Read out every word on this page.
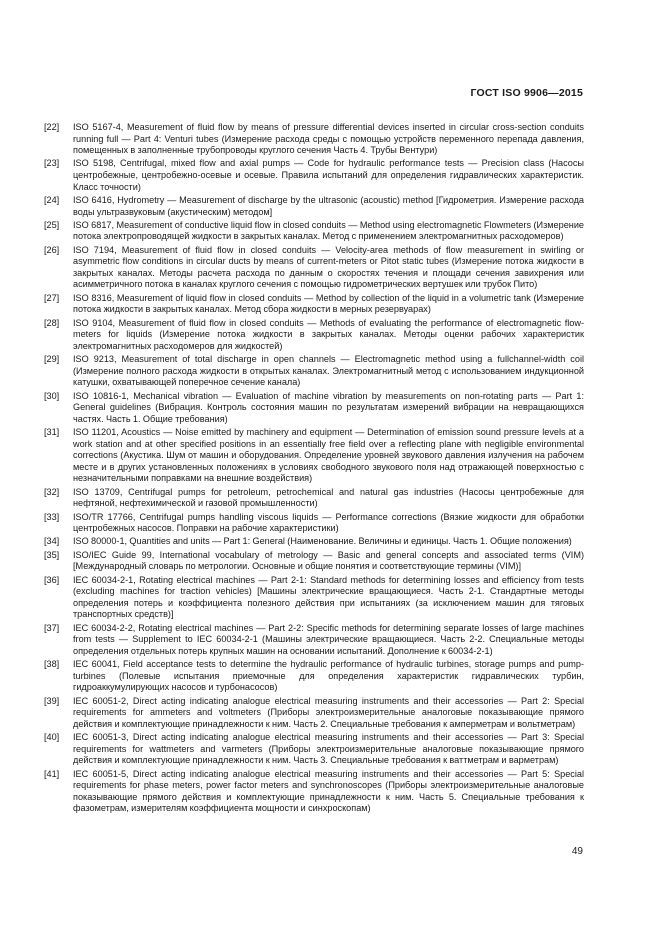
ГОСТ ISO 9906—2015
[22] ISO 5167-4, Measurement of fluid flow by means of pressure differential devices inserted in circular cross-section conduits running full — Part 4: Venturi tubes (Измерение расхода среды с помощью устройств переменного перепада давления, помещенных в заполненные трубопроводы круглого сечения Часть 4. Трубы Вентури)
[23] ISO 5198, Centrifugal, mixed flow and axial pumps — Code for hydraulic performance tests — Precision class (Насосы центробежные, центробежно-осевые и осевые. Правила испытаний для определения гидравлических характеристик. Класс точности)
[24] ISO 6416, Hydrometry — Measurement of discharge by the ultrasonic (acoustic) method [Гидрометрия. Измерение расхода воды ультразвуковым (акустическим) методом]
[25] ISO 6817, Measurement of conductive liquid flow in closed conduits — Method using electromagnetic Flowmeters (Измерение потока электропроводящей жидкости в закрытых каналах. Метод с применением электромагнитных расходомеров)
[26] ISO 7194, Measurement of fluid flow in closed conduits — Velocity-area methods of flow measurement in swirling or asymmetric flow conditions in circular ducts by means of current-meters or Pitot static tubes (Измерение потока жидкости в закрытых каналах. Методы расчета расхода по данным о скоростях течения и площади сечения завихрения или асимметричного потока в каналах круглого сечения с помощью гидрометрических вертушек или трубок Пито)
[27] ISO 8316, Measurement of liquid flow in closed conduits — Method by collection of the liquid in a volumetric tank (Измерение потока жидкости в закрытых каналах. Метод сбора жидкости в мерных резервуарах)
[28] ISO 9104, Measurement of fluid flow in closed conduits — Methods of evaluating the performance of electromagnetic flow-meters for liquids (Измерение потока жидкости в закрытых каналах. Методы оценки рабочих характеристик электромагнитных расходомеров для жидкостей)
[29] ISO 9213, Measurement of total discharge in open channels — Electromagnetic method using a fullchannel-width coil (Измерение полного расхода жидкости в открытых каналах. Электромагнитный метод с использованием индукционной катушки, охватывающей поперечное сечение канала)
[30] ISO 10816-1, Mechanical vibration — Evaluation of machine vibration by measurements on non-rotating parts — Part 1: General guidelines (Вибрация. Контроль состояния машин по результатам измерений вибрации на невращающихся частях. Часть 1. Общие требования)
[31] ISO 11201, Acoustics — Noise emitted by machinery and equipment — Determination of emission sound pressure levels at a work station and at other specified positions in an essentially free field over a reflecting plane with negligible environmental corrections (Акустика. Шум от машин и оборудования. Определение уровней звукового давления излучения на рабочем месте и в других установленных положениях в условиях свободного звукового поля над отражающей поверхностью с незначительными поправками на внешние воздействия)
[32] ISO 13709, Centrifugal pumps for petroleum, petrochemical and natural gas industries (Насосы центробежные для нефтяной, нефтехимической и газовой промышленности)
[33] ISO/TR 17766, Centrifugal pumps handling viscous liquids — Performance corrections (Вязкие жидкости для обработки центробежных насосов. Поправки на рабочие характеристики)
[34] ISO 80000-1, Quantities and units — Part 1: General (Наименование. Величины и единицы. Часть 1. Общие положения)
[35] ISO/IEC Guide 99, International vocabulary of metrology — Basic and general concepts and associated terms (VIM) [Международный словарь по метрологии. Основные и общие понятия и соответствующие термины (VIM)]
[36] IEC 60034-2-1, Rotating electrical machines — Part 2-1: Standard methods for determining losses and efficiency from tests (excluding machines for traction vehicles) [Машины электрические вращающиеся. Часть 2-1. Стандартные методы определения потерь и коэффициента полезного действия при испытаниях (за исключением машин для тяговых транспортных средств)]
[37] IEC 60034-2-2, Rotating electrical machines — Part 2-2: Specific methods for determining separate losses of large machines from tests — Supplement to IEC 60034-2-1 (Машины электрические вращающиеся. Часть 2-2. Специальные методы определения отдельных потерь крупных машин на основании испытаний. Дополнение к 60034-2-1)
[38] IEC 60041, Field acceptance tests to determine the hydraulic performance of hydraulic turbines, storage pumps and pump-turbines (Полевые испытания приемочные для определения характеристик гидравлических турбин, гидроаккумулирующих насосов и турбонасосов)
[39] IEC 60051-2, Direct acting indicating analogue electrical measuring instruments and their accessories — Part 2: Special requirements for ammeters and voltmeters (Приборы электроизмерительные аналоговые показывающие прямого действия и комплектующие принадлежности к ним. Часть 2. Специальные требования к амперметрам и вольтметрам)
[40] IEC 60051-3, Direct acting indicating analogue electrical measuring instruments and their accessories — Part 3: Special requirements for wattmeters and varmeters (Приборы электроизмерительные аналоговые показывающие прямого действия и комплектующие принадлежности к ним. Часть 3. Специальные требования к ваттметрам и варметрам)
[41] IEC 60051-5, Direct acting indicating analogue electrical measuring instruments and their accessories — Part 5: Special requirements for phase meters, power factor meters and synchronoscopes (Приборы электроизмерительные аналоговые показывающие прямого действия и комплектующие принадлежности к ним. Часть 5. Специальные требования к фазометрам, измерителям коэффициента мощности и синхроскопам)
49
